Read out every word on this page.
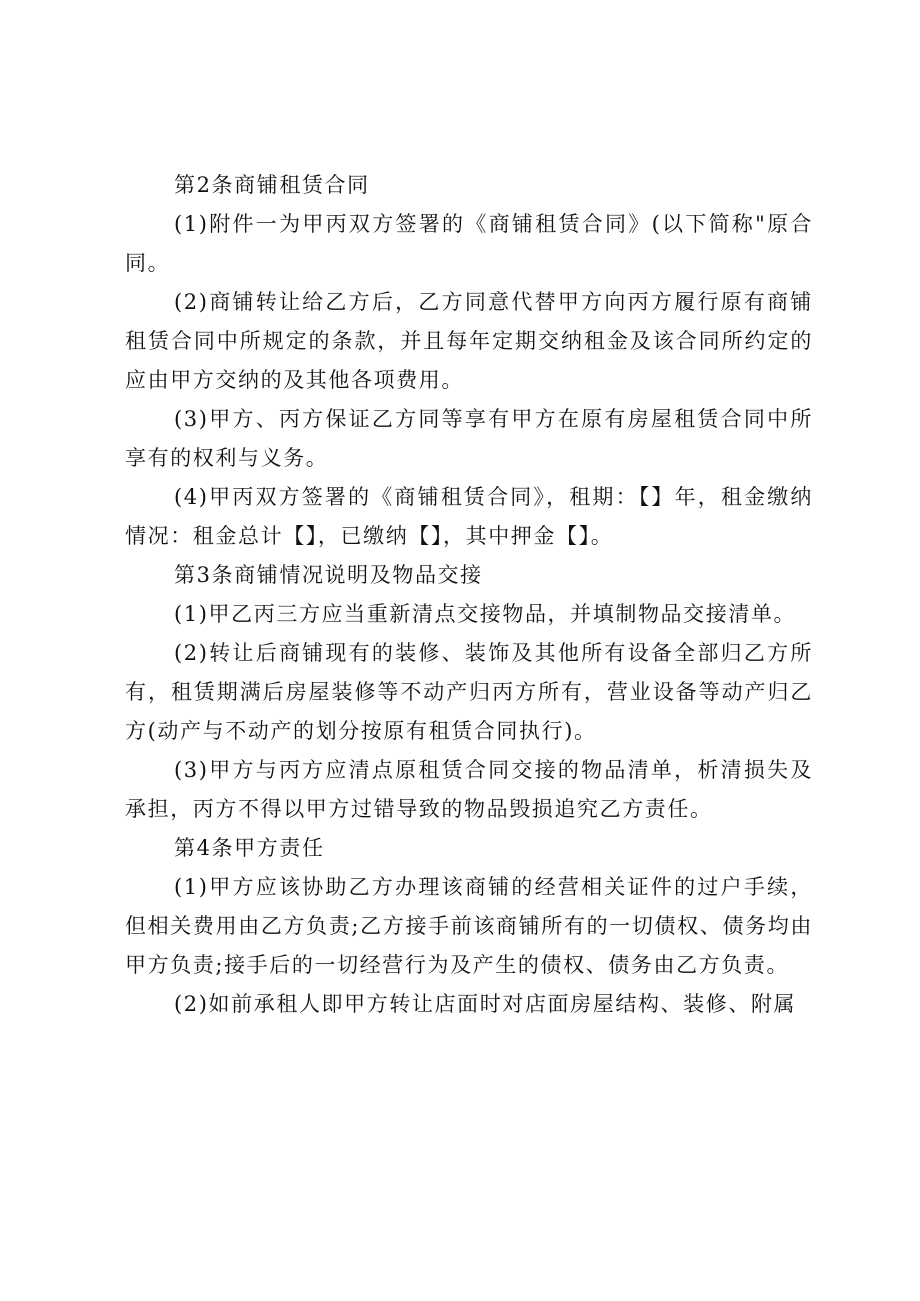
第2条商铺租赁合同

(1)附件一为甲丙双方签署的《商铺租赁合同》(以下简称"原合同。

(2)商铺转让给乙方后，乙方同意代替甲方向丙方履行原有商铺租赁合同中所规定的条款，并且每年定期交纳租金及该合同所约定的应由甲方交纳的及其他各项费用。

(3)甲方、丙方保证乙方同等享有甲方在原有房屋租赁合同中所享有的权利与义务。

(4)甲丙双方签署的《商铺租赁合同》，租期：【】年，租金缴纳情况：租金总计【】，已缴纳【】，其中押金【】。

第3条商铺情况说明及物品交接

(1)甲乙丙三方应当重新清点交接物品，并填制物品交接清单。

(2)转让后商铺现有的装修、装饰及其他所有设备全部归乙方所有，租赁期满后房屋装修等不动产归丙方所有，营业设备等动产归乙方(动产与不动产的划分按原有租赁合同执行)。

(3)甲方与丙方应清点原租赁合同交接的物品清单，析清损失及承担，丙方不得以甲方过错导致的物品毁损追究乙方责任。

第4条甲方责任

(1)甲方应该协助乙方办理该商铺的经营相关证件的过户手续，但相关费用由乙方负责;乙方接手前该商铺所有的一切债权、债务均由甲方负责;接手后的一切经营行为及产生的债权、债务由乙方负责。

(2)如前承租人即甲方转让店面时对店面房屋结构、装修、附属
